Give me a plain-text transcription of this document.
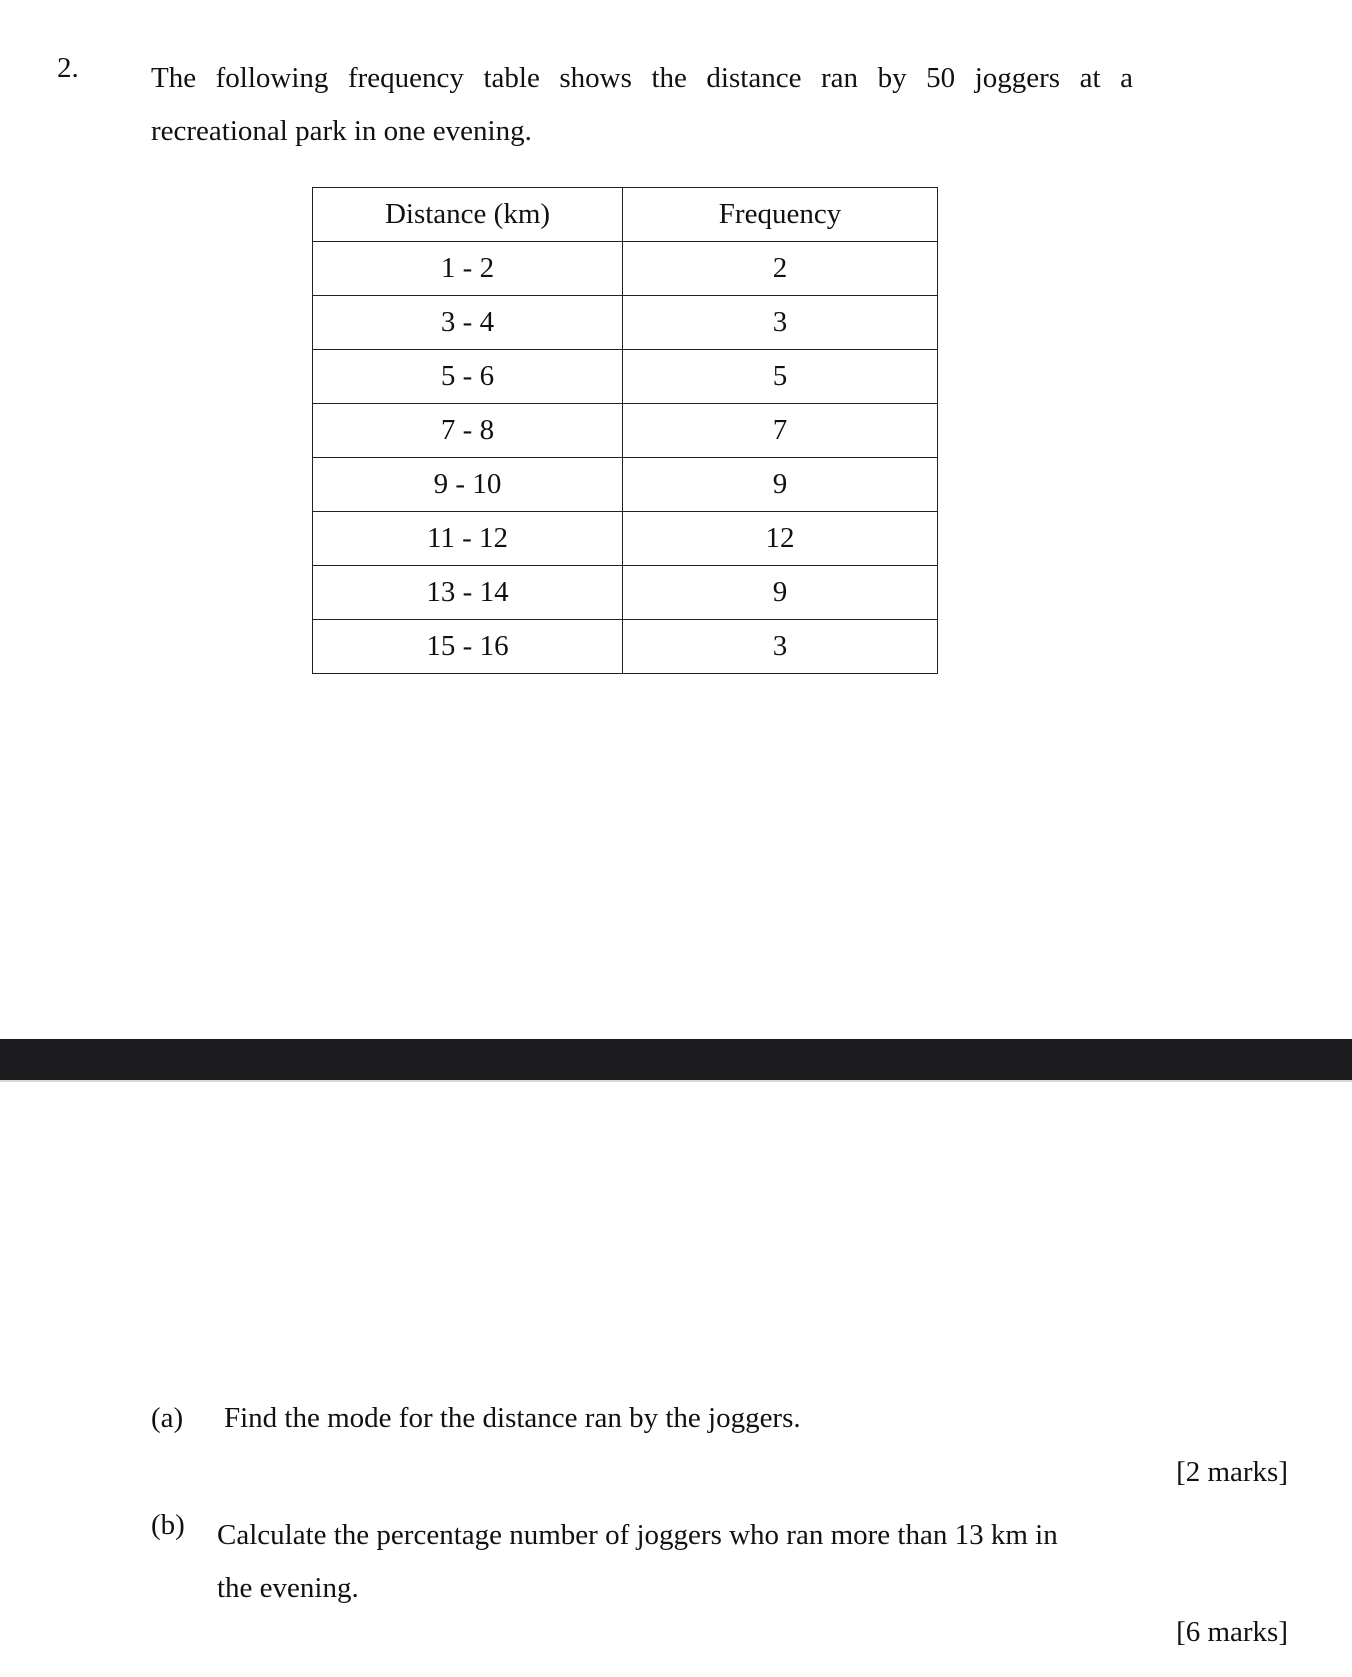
2. The following frequency table shows the distance ran by 50 joggers at a
recreational park in one evening.
Distance (km)	Frequency
1 - 2	2
3 - 4	3
5 - 6	5
7 - 8	7
9 - 10	9
11 - 12	12
13 - 14	9
15 - 16	3
(a) Find the mode for the distance ran by the joggers.
[2 marks]
(b) Calculate the percentage number of joggers who ran more than 13 km in
the evening.
[6 marks]
